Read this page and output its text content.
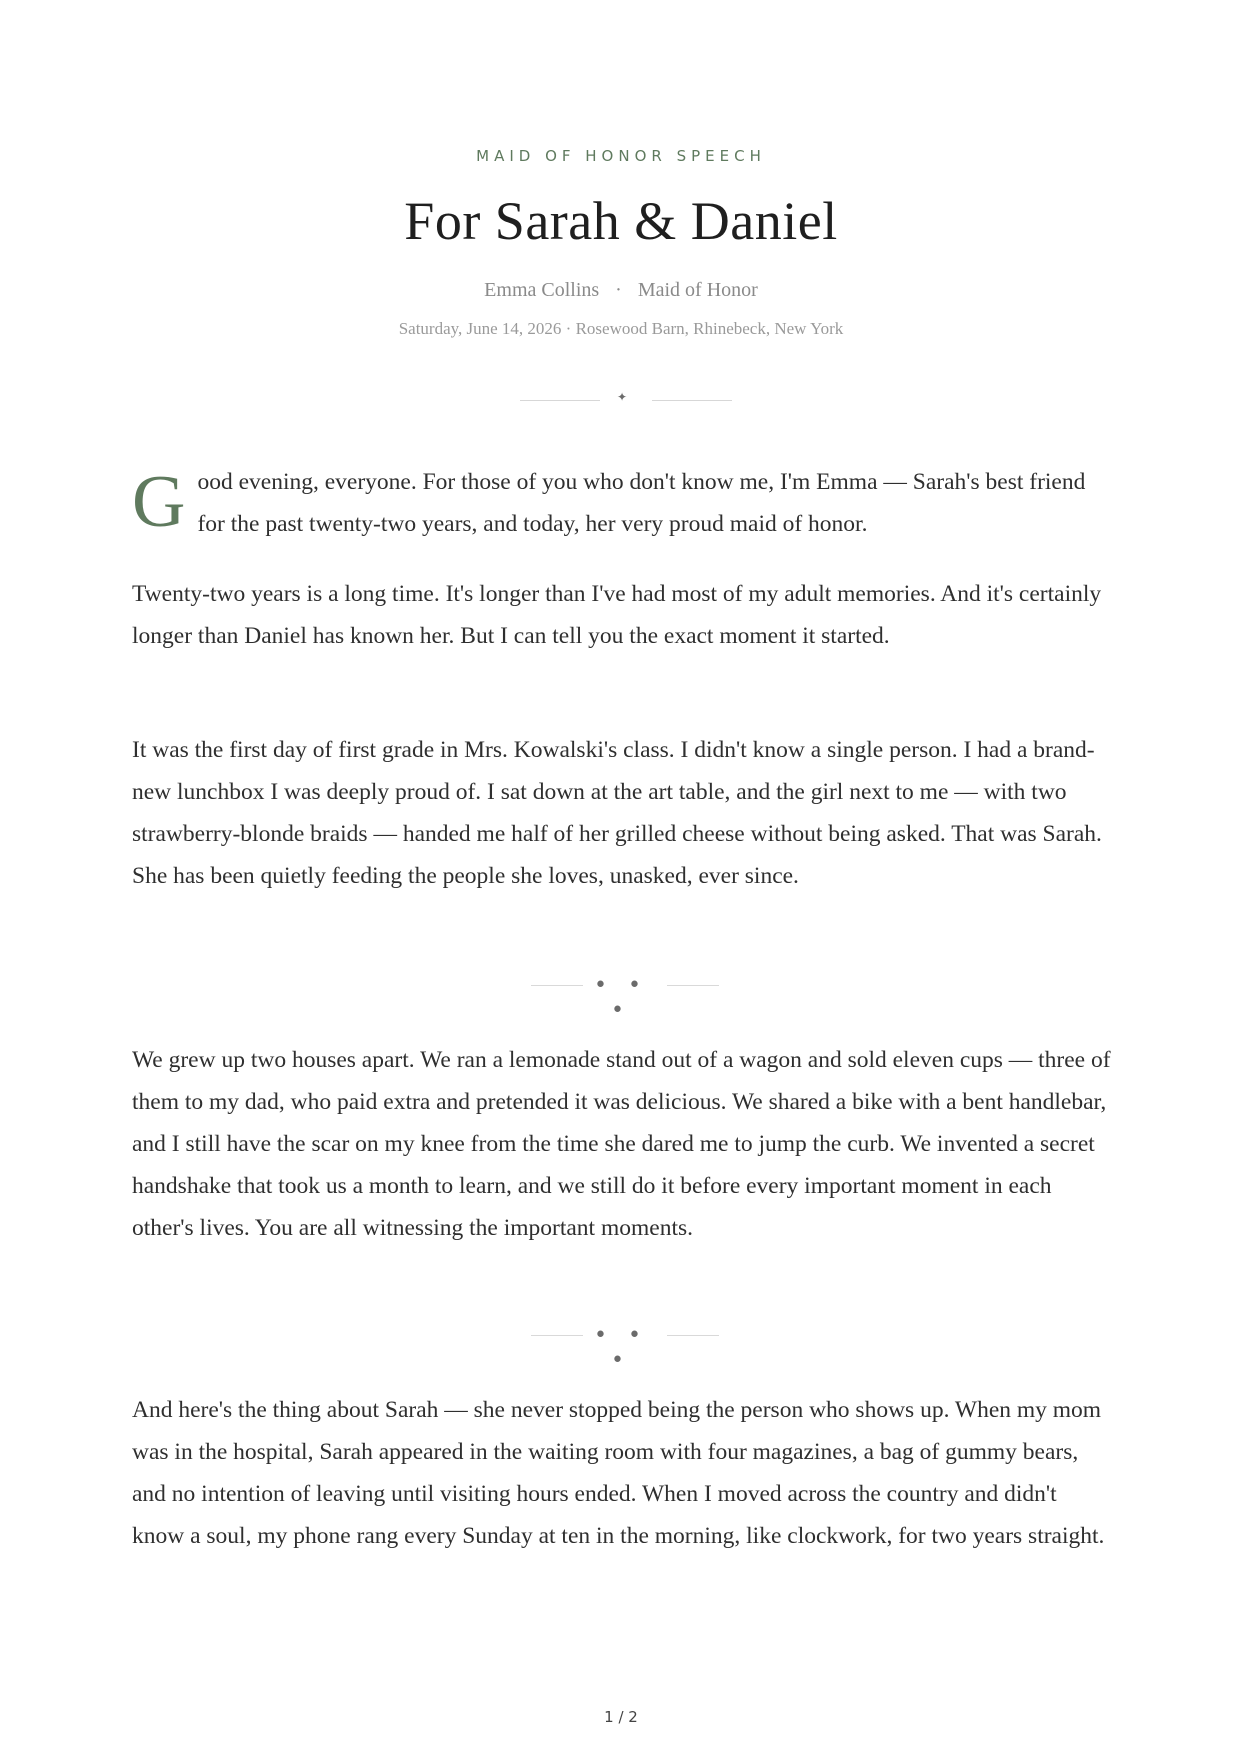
MAID OF HONOR SPEECH
For Sarah & Daniel
Emma Collins · Maid of Honor
Saturday, June 14, 2026 · Rosewood Barn, Rhinebeck, New York
✦

Good evening, everyone. For those of you who don't know me, I'm Emma — Sarah's best friend for the past twenty-two years, and today, her very proud maid of honor.

Twenty-two years is a long time. It's longer than I've had most of my adult memories. And it's certainly longer than Daniel has known her. But I can tell you the exact moment it started.

It was the first day of first grade in Mrs. Kowalski's class. I didn't know a single person. I had a brand-new lunchbox I was deeply proud of. I sat down at the art table, and the girl next to me — with two strawberry-blonde braids — handed me half of her grilled cheese without being asked. That was Sarah. She has been quietly feeding the people she loves, unasked, ever since.

• • •

We grew up two houses apart. We ran a lemonade stand out of a wagon and sold eleven cups — three of them to my dad, who paid extra and pretended it was delicious. We shared a bike with a bent handlebar, and I still have the scar on my knee from the time she dared me to jump the curb. We invented a secret handshake that took us a month to learn, and we still do it before every important moment in each other's lives. You are all witnessing the important moments.

• • •

And here's the thing about Sarah — she never stopped being the person who shows up. When my mom was in the hospital, Sarah appeared in the waiting room with four magazines, a bag of gummy bears, and no intention of leaving until visiting hours ended. When I moved across the country and didn't know a soul, my phone rang every Sunday at ten in the morning, like clockwork, for two years straight.

1 / 2
